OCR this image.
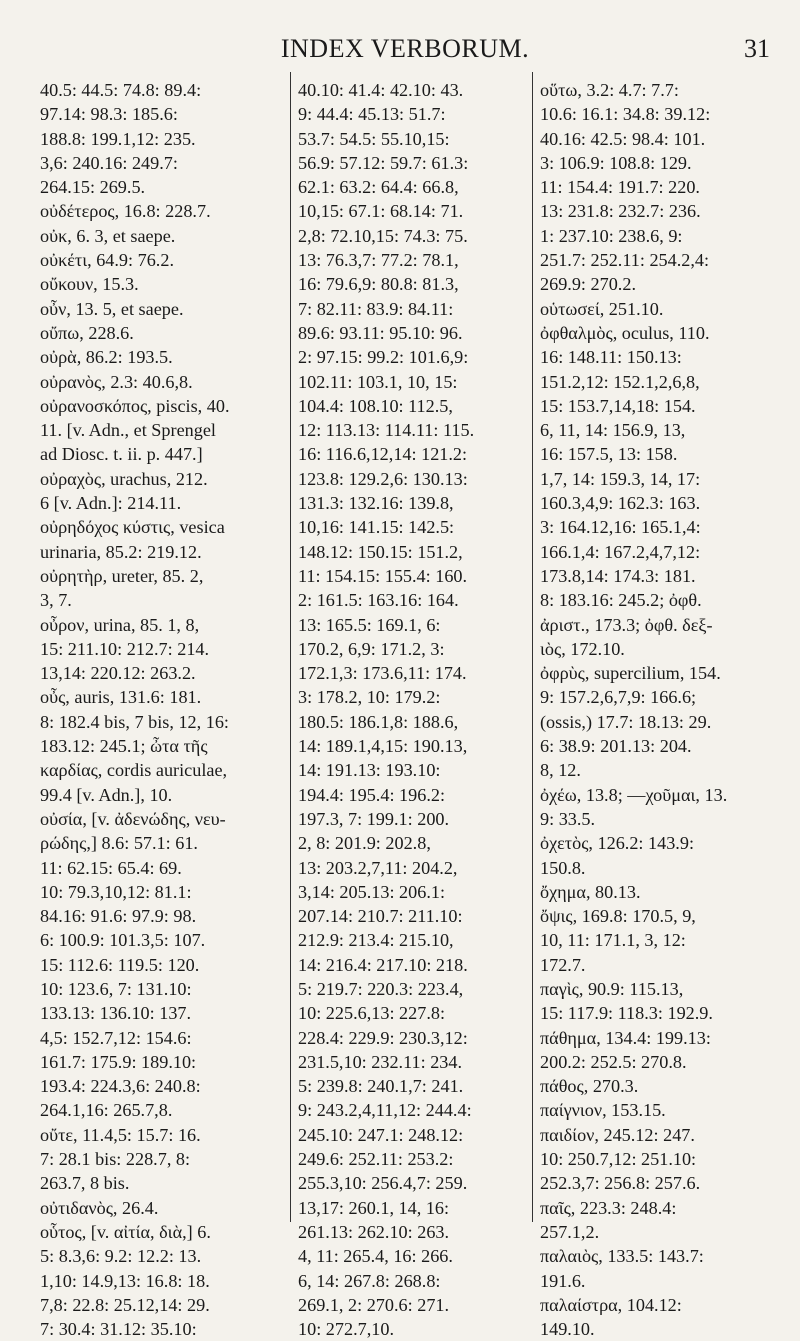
INDEX VERBORUM.	31
40.5: 44.5: 74.8: 89.4:
97.14: 98.3: 185.6:
188.8: 199.1,12: 235.
3,6: 240.16: 249.7:
264.15: 269.5.
οὐδέτερος, 16.8: 228.7.
οὐκ, 6. 3, et saepe.
οὐκέτι, 64.9: 76.2.
οὔκουν, 15.3.
οὖν, 13. 5, et saepe.
οὔπω, 228.6.
οὐρὰ, 86.2: 193.5.
οὐρανὸς, 2.3: 40.6,8.
οὐρανοσκόπος, piscis, 40.
11. [v. Adn., et Sprengel
ad Diosc. t. ii. p. 447.]
οὐραχὸς, urachus, 212.
6 [v. Adn.]: 214.11.
οὐρηδόχος κύστις, vesica
urinaria, 85.2: 219.12.
οὐρητὴρ, ureter, 85. 2,
3, 7.
οὖρον, urina, 85. 1, 8,
15: 211.10: 212.7: 214.
13,14: 220.12: 263.2.
οὖς, auris, 131.6: 181.
8: 182.4 bis, 7 bis, 12, 16:
183.12: 245.1; ὦτα τῆς
καρδίας, cordis auriculae,
99.4 [v. Adn.], 10.
οὐσία, [v. ἀδενώδης, νευ-
ρώδης,] 8.6: 57.1: 61.
11: 62.15: 65.4: 69.
10: 79.3,10,12: 81.1:
84.16: 91.6: 97.9: 98.
6: 100.9: 101.3,5: 107.
15: 112.6: 119.5: 120.
10: 123.6, 7: 131.10:
133.13: 136.10: 137.
4,5: 152.7,12: 154.6:
161.7: 175.9: 189.10:
193.4: 224.3,6: 240.8:
264.1,16: 265.7,8.
οὔτε, 11.4,5: 15.7: 16.
7: 28.1 bis: 228.7, 8:
263.7, 8 bis.
οὐτιδανὸς, 26.4.
οὗτος, [v. αἰτία, διὰ,] 6.
5: 8.3,6: 9.2: 12.2: 13.
1,10: 14.9,13: 16.8: 18.
7,8: 22.8: 25.12,14: 29.
7: 30.4: 31.12: 35.10:
40.10: 41.4: 42.10: 43.
9: 44.4: 45.13: 51.7:
53.7: 54.5: 55.10,15:
56.9: 57.12: 59.7: 61.3:
62.1: 63.2: 64.4: 66.8,
10,15: 67.1: 68.14: 71.
2,8: 72.10,15: 74.3: 75.
13: 76.3,7: 77.2: 78.1,
16: 79.6,9: 80.8: 81.3,
7: 82.11: 83.9: 84.11:
89.6: 93.11: 95.10: 96.
2: 97.15: 99.2: 101.6,9:
102.11: 103.1, 10, 15:
104.4: 108.10: 112.5,
12: 113.13: 114.11: 115.
16: 116.6,12,14: 121.2:
123.8: 129.2,6: 130.13:
131.3: 132.16: 139.8,
10,16: 141.15: 142.5:
148.12: 150.15: 151.2,
11: 154.15: 155.4: 160.
2: 161.5: 163.16: 164.
13: 165.5: 169.1, 6:
170.2, 6,9: 171.2, 3:
172.1,3: 173.6,11: 174.
3: 178.2, 10: 179.2:
180.5: 186.1,8: 188.6,
14: 189.1,4,15: 190.13,
14: 191.13: 193.10:
194.4: 195.4: 196.2:
197.3, 7: 199.1: 200.
2, 8: 201.9: 202.8,
13: 203.2,7,11: 204.2,
3,14: 205.13: 206.1:
207.14: 210.7: 211.10:
212.9: 213.4: 215.10,
14: 216.4: 217.10: 218.
5: 219.7: 220.3: 223.4,
10: 225.6,13: 227.8:
228.4: 229.9: 230.3,12:
231.5,10: 232.11: 234.
5: 239.8: 240.1,7: 241.
9: 243.2,4,11,12: 244.4:
245.10: 247.1: 248.12:
249.6: 252.11: 253.2:
255.3,10: 256.4,7: 259.
13,17: 260.1, 14, 16:
261.13: 262.10: 263.
4, 11: 265.4, 16: 266.
6, 14: 267.8: 268.8:
269.1, 2: 270.6: 271.
10: 272.7,10.
οὕτω, 3.2: 4.7: 7.7:
10.6: 16.1: 34.8: 39.12:
40.16: 42.5: 98.4: 101.
3: 106.9: 108.8: 129.
11: 154.4: 191.7: 220.
13: 231.8: 232.7: 236.
1: 237.10: 238.6, 9:
251.7: 252.11: 254.2,4:
269.9: 270.2.
οὑτωσεί, 251.10.
ὀφθαλμὸς, oculus, 110.
16: 148.11: 150.13:
151.2,12: 152.1,2,6,8,
15: 153.7,14,18: 154.
6, 11, 14: 156.9, 13,
16: 157.5, 13: 158.
1,7, 14: 159.3, 14, 17:
160.3,4,9: 162.3: 163.
3: 164.12,16: 165.1,4:
166.1,4: 167.2,4,7,12:
173.8,14: 174.3: 181.
8: 183.16: 245.2; ὀφθ.
ἀριστ., 173.3; ὀφθ. δεξ-
ιὸς, 172.10.
ὀφρὺς, supercilium, 154.
9: 157.2,6,7,9: 166.6;
(ossis,) 17.7: 18.13: 29.
6: 38.9: 201.13: 204.
8, 12.
ὀχέω, 13.8; —χοῦμαι, 13.
9: 33.5.
ὀχετὸς, 126.2: 143.9:
150.8.
ὄχημα, 80.13.
ὄψις, 169.8: 170.5, 9,
10, 11: 171.1, 3, 12:
172.7.
παγὶς, 90.9: 115.13,
15: 117.9: 118.3: 192.9.
πάθημα, 134.4: 199.13:
200.2: 252.5: 270.8.
πάθος, 270.3.
παίγνιον, 153.15.
παιδίον, 245.12: 247.
10: 250.7,12: 251.10:
252.3,7: 256.8: 257.6.
παῖς, 223.3: 248.4:
257.1,2.
παλαιὸς, 133.5: 143.7:
191.6.
παλαίστρα, 104.12:
149.10.
